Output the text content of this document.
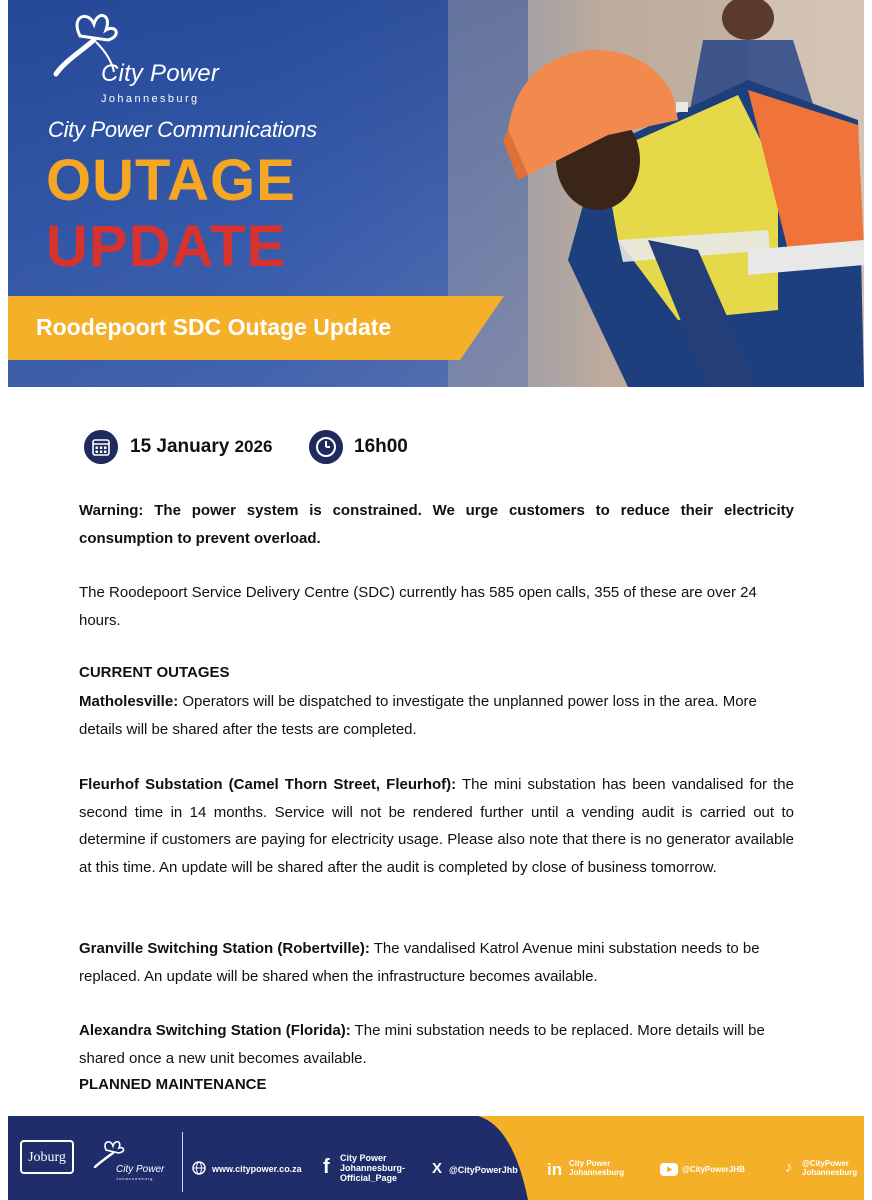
City Power
Johannesburg
City Power Communications
OUTAGE
UPDATE
Roodepoort SDC Outage Update
15 January 2026	16h00
Warning: The power system is constrained. We urge customers to reduce their electricity consumption to prevent overload.
The Roodepoort Service Delivery Centre (SDC) currently has 585 open calls, 355 of these are over 24 hours.
CURRENT OUTAGES
Matholesville: Operators will be dispatched to investigate the unplanned power loss in the area. More details will be shared after the tests are completed.
Fleurhof Substation (Camel Thorn Street, Fleurhof): The mini substation has been vandalised for the second time in 14 months. Service will not be rendered further until a vending audit is carried out to determine if customers are paying for electricity usage. Please also note that there is no generator available at this time. An update will be shared after the audit is completed by close of business tomorrow.
Granville Switching Station (Robertville): The vandalised Katrol Avenue mini substation needs to be replaced. An update will be shared when the infrastructure becomes available.
Alexandra Switching Station (Florida): The mini substation needs to be replaced. More details will be shared once a new unit becomes available.
PLANNED MAINTENANCE
Joburg
City Power
Johannesburg
www.citypower.co.za f City Power
Johannesburg-
Official_Page
X @CityPowerJhb in City Power
Johannesburg	@CityPowerJHB	♪ @CityPower
Johannesburg
